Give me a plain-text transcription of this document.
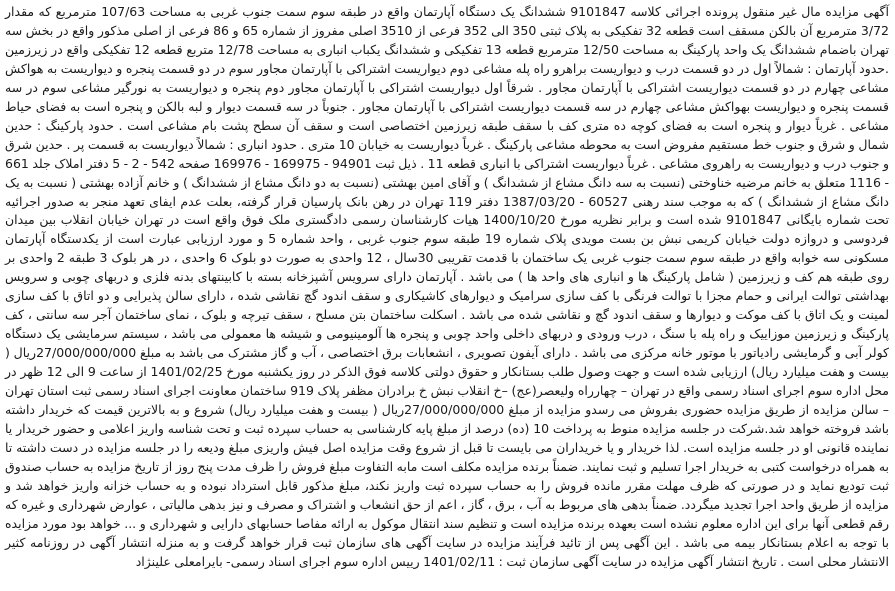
آگهی مزایده مال غیر منقول پرونده اجرائی کلاسه 9101847 ششدانگ یک دستگاه آپارتمان واقع در طبقه سوم سمت جنوب غربی به مساحت 107/63 مترمربع که مقدار 3/72 مترمربع آن بالکن مسقف است قطعه 32 تفکیکی به پلاک ثبتی 350 الی 352 فرعی از 3510 اصلی مفروز از شماره 65 و 86 فرعی از اصلی مذکور واقع در بخش سه تهران باضمام ششدانگ یک واحد پارکینگ به مساحت 12/50 مترمربع قطعه 13 تفکیکی و ششدانگ یکباب انباری به مساحت 12/78 متربع قطعه 12 تفکیکی واقع در زیرزمین .حدود آپارتمان : شمالاً اول در دو قسمت درب و دیواریست براهرو راه پله مشاعی دوم دیواریست اشتراکی با آپارتمان مجاور سوم در دو قسمت پنجره و دیواریست به هواکش مشاعی چهارم در دو قسمت دیواریست اشتراکی با آپارتمان مجاور . شرقاً اول دیواریست اشتراکی با آپارتمان مجاور دوم پنجره و دیواریست به نورگیر مشاعی سوم در سه قسمت پنجره و دیواریست بهواکش مشاعی چهارم در سه قسمت دیواریست اشتراکی با آپارتمان مجاور . جنوباً در سه قسمت دیوار و لبه بالکن و پنجره است به فضای حیاط مشاعی . غرباً دیوار و پنجره است به فضای کوچه ده متری کف با سقف طبقه زیرزمین اختصاصی است و سقف آن سطح پشت بام مشاعی است . حدود پارکینگ : حدین شمال و شرق و جنوب خط مستقیم مفروض است به محوطه مشاعی پارکینگ . غرباً دیواریست به خیابان 10 متری . حدود انباری : شمالاً دیواریست به قسمت پر . حدین شرق و جنوب درب و دیواریست به راهروی مشاعی . غرباً دیواریست اشتراکی با انباری قطعه 11 . ذیل ثبت 94901 - 169975 - 169976 صفحه 542 - 2 - 5 دفتر املاک جلد 661 - 1116 متعلق به خانم مرضیه خناوختی (نسبت به سه دانگ مشاع از ششدانگ ) و آقای امین بهشتی (نسبت به دو دانگ مشاع از ششدانگ ) و خانم آزاده بهشتی ( نسبت به یک دانگ مشاع از ششدانگ ) که به موجب سند رهنی 60527 - 1387/03/20 دفتر 119 تهران در رهن بانک پارسیان قرار گرفته، بعلت عدم ایفای تعهد منجر به صدور اجرائیه تحت شماره بایگانی 9101847 شده است و برابر نظریه مورخ 1400/10/20 هیات کارشناسان رسمی دادگستری ملک فوق واقع است در تهران خیابان انقلاب بین میدان فردوسی و دروازه دولت خیابان کریمی نبش بن بست مویدی پلاک شماره 19 طبقه سوم جنوب غربی ، واحد شماره 5 و مورد ارزیابی عبارت است از یکدستگاه آپارتمان مسکونی سه خوابه واقع در طبقه سوم سمت جنوب غربی یک ساختمان با قدمت تقریبی 30سال ، 12 واحدی به صورت دو بلوک 6 واحدی ، در هر بلوک 3 طبقه 2 واحدی بر روی طبقه هم کف و زیرزمین ( شامل پارکینگ ها و انباری های واحد ها ) می باشد . آپارتمان دارای سرویس آشپزخانه بسته با کابینتهای بدنه فلزی و دربهای چوبی و سرویس بهداشتی توالت ایرانی و حمام مجزا با توالت فرنگی با کف سازی سرامیک و دیوارهای کاشیکاری و سقف اندود گچ نقاشی شده ، دارای سالن پذیرایی و دو اتاق با کف سازی لمینت و یک اتاق با کف موکت و دیوارها و سقف اندود گچ و نقاشی شده می باشد . اسکلت ساختمان بتن مسلح ، سقف تیرچه و بلوک ، نمای ساختمان آجر سه سانتی ، کف پارکینگ و زیرزمین موزاییک و راه پله با سنگ ، درب ورودی و دربهای داخلی واحد چوبی و پنجره ها آلومینیومی و شیشه ها معمولی می باشد ، سیستم سرمایشی یک دستگاه کولر آبی و گرمایشی رادیاتور با موتور خانه مرکزی می باشد . دارای آیفون تصویری ، انشعابات برق اختصاصی ، آب و گاز مشترک می باشد به مبلغ 27/000/000/000ریال ( بیست و هفت میلیارد ریال) ارزیابی شده است و جهت وصول طلب بستانکار و حقوق دولتی کلاسه فوق الذکر در روز یکشنبه مورخ 1401/02/25 از ساعت 9 الی 12 ظهر در محل اداره سوم اجرای اسناد رسمی واقع در تهران – چهارراه ولیعصر(عج) –خ انقلاب نبش خ برادران مظفر پلاک 919 ساختمان معاونت اجرای اسناد رسمی ثبت استان تهران – سالن مزایده از طریق مزایده حضوری بفروش می رسدو مزایده از مبلغ 27/000/000/000ریال ( بیست و هفت میلیارد ریال) شروع و به بالاترین قیمت که خریدار داشته باشد فروخته خواهد شد.شرکت در جلسه مزایده منوط به پرداخت 10 (ده) درصد از مبلغ پایه کارشناسی به حساب سپرده ثبت و تحت شناسه واریز اعلامی و حضور خریدار یا نماینده قانونی او در جلسه مزایده است. لذا خریدار و یا خریداران می بایست تا قبل از شروع وقت مزایده اصل فیش واریزی مبلغ ودیعه را در جلسه مزایده در دست داشته تا به همراه درخواست کتبی به خریدار اجرا تسلیم و ثبت نمایند. ضمناً برنده مزایده مکلف است مابه التفاوت مبلغ فروش را ظرف مدت پنج روز از تاریخ مزایده به حساب صندوق ثبت تودیع نماید و در صورتی که ظرف مهلت مقرر مانده فروش را به حساب سپرده ثبت واریز نکند، مبلغ مذکور قابل استرداد نبوده و به حساب خزانه واریز خواهد شد و مزایده از طریق واحد اجرا تجدید میگردد. ضمناً بدهی های مربوط به آب ، برق ، گاز ، اعم از حق انشعاب و اشتراک و مصرف و نیز بدهی مالیاتی ، عوارض شهرداری و غیره که رقم قطعی آنها برای این اداره معلوم نشده است بعهده برنده مزایده است و تنظیم سند انتقال موکول به ارائه مفاصا حسابهای دارایی و شهرداری و ... خواهد بود مورد مزایده با توجه به اعلام بستانکار بیمه می باشد . این آگهی پس از تائید فرآیند مزایده در سایت آگهی های سازمان ثبت قرار خواهد گرفت و به منزله انتشار آگهی در روزنامه کثیر الانتشار محلی است . تاریخ انتشار آگهی مزایده در سایت آگهی سازمان ثبت : 1401/02/11 رییس اداره سوم اجرای اسناد رسمی- بایرامعلی علینژاد
